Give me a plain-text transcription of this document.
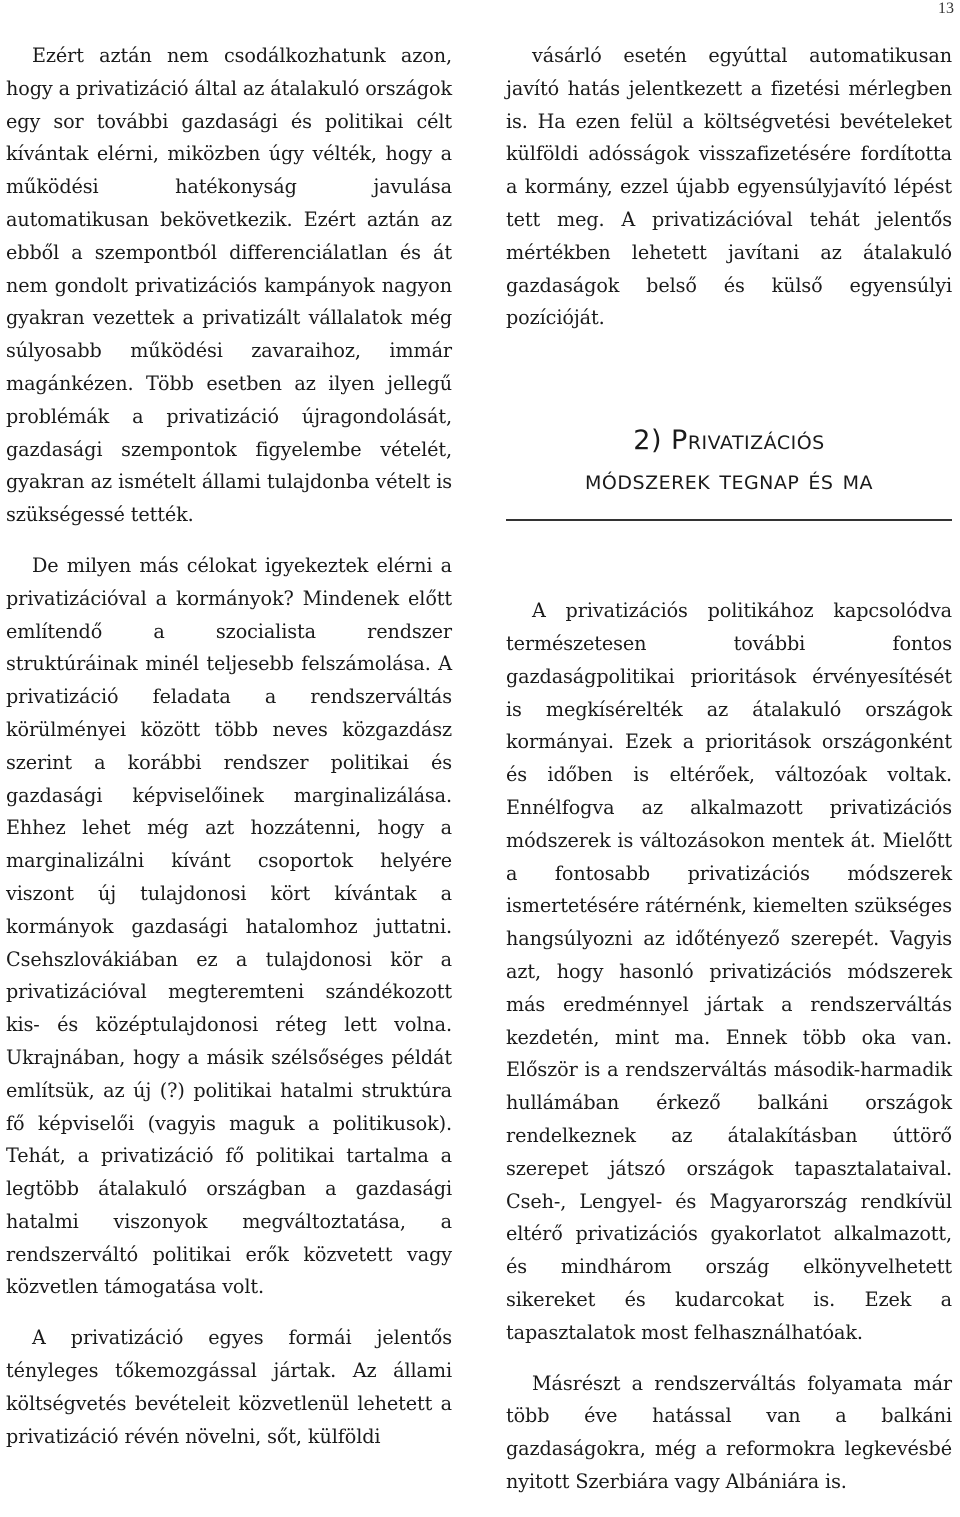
13

Ezért aztán nem csodálkozhatunk azon, hogy a privatizáció által az átalakuló országok egy sor további gazdasági és politikai célt kívántak elérni, miközben úgy vélték, hogy a működési hatékonyság javulása automatikusan bekövetkezik. Ezért aztán az ebből a szempontból differenciálatlan és át nem gondolt privatizációs kampányok nagyon gyakran vezettek a privatizált vállalatok még súlyosabb működési zavaraihoz, immár magánkézen. Több esetben az ilyen jellegű problémák a privatizáció újragondolását, gazdasági szempontok figyelembe vételét, gyakran az ismételt állami tulajdonba vételt is szükségessé tették.

De milyen más célokat igyekeztek elérni a privatizációval a kormányok? Mindenek előtt említendő a szocialista rendszer struktúráinak minél teljesebb felszámolása. A privatizáció feladata a rendszerváltás körülményei között több neves közgazdász szerint a korábbi rendszer politikai és gazdasági képviselőinek marginalizálása. Ehhez lehet még azt hozzátenni, hogy a marginalizálni kívánt csoportok helyére viszont új tulajdonosi kört kívántak a kormányok gazdasági hatalomhoz juttatni. Csehszlovákiában ez a tulajdonosi kör a privatizációval megteremteni szándékozott kis- és középtulajdonosi réteg lett volna. Ukrajnában, hogy a másik szélsőséges példát említsük, az új (?) politikai hatalmi struktúra fő képviselői (vagyis maguk a politikusok). Tehát, a privatizáció fő politikai tartalma a legtöbb átalakuló országban a gazdasági hatalmi viszonyok megváltoztatása, a rendszerváltó politikai erők közvetett vagy közvetlen támogatása volt.

A privatizáció egyes formái jelentős tényleges tőkemozgással jártak. Az állami költségvetés bevételeit közvetlenül lehetett a privatizáció révén növelni, sőt, külföldi

vásárló esetén egyúttal automatikusan javító hatás jelentkezett a fizetési mérlegben is. Ha ezen felül a költségvetési bevételeket külföldi adósságok visszafizetésére fordította a kormány, ezzel újabb egyensúlyjavító lépést tett meg. A privatizációval tehát jelentős mértékben lehetett javítani az átalakuló gazdaságok belső és külső egyensúlyi pozícióját.

2) Privatizációs
módszerek tegnap és ma

A privatizációs politikához kapcsolódva természetesen további fontos gazdaságpolitikai prioritások érvényesítését is megkísérelték az átalakuló országok kormányai. Ezek a prioritások országonként és időben is eltérőek, változóak voltak. Ennélfogva az alkalmazott privatizációs módszerek is változásokon mentek át. Mielőtt a fontosabb privatizációs módszerek ismertetésére rátérnénk, kiemelten szükséges hangsúlyozni az időtényező szerepét. Vagyis azt, hogy hasonló privatizációs módszerek más eredménnyel jártak a rendszerváltás kezdetén, mint ma. Ennek több oka van. Először is a rendszerváltás második-harmadik hullámában érkező balkáni országok rendelkeznek az átalakításban úttörő szerepet játszó országok tapasztalataival. Cseh-, Lengyel- és Magyarország rendkívül eltérő privatizációs gyakorlatot alkalmazott, és mindhárom ország elkönyvelhetett sikereket és kudarcokat is. Ezek a tapasztalatok most felhasználhatóak.

Másrészt a rendszerváltás folyamata már több éve hatással van a balkáni gazdaságokra, még a reformokra legkevésbé nyitott Szerbiára vagy Albániára is.
